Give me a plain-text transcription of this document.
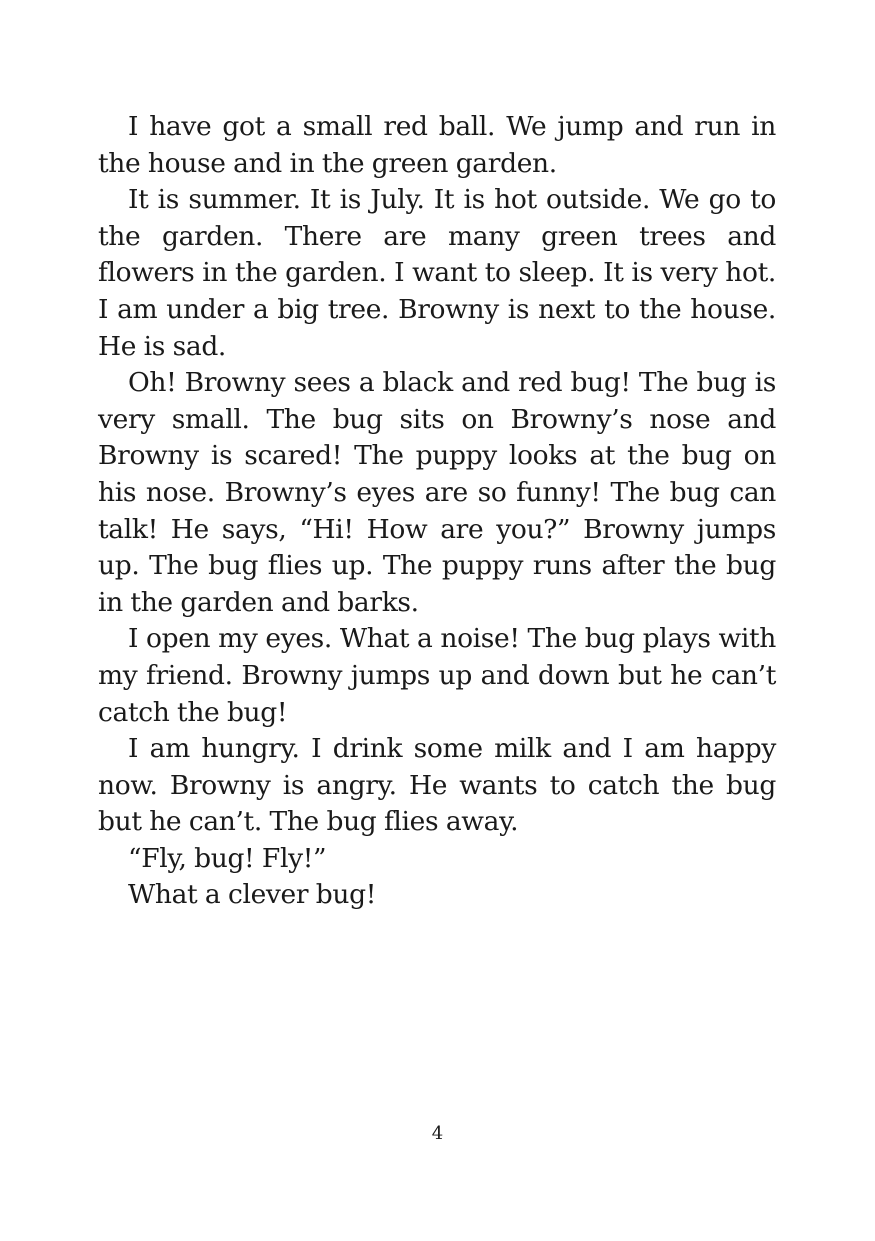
I have got a small red ball. We jump and run in the house and in the green garden.

It is summer. It is July. It is hot outside. We go to the garden. There are many green trees and flowers in the garden. I want to sleep. It is very hot. I am under a big tree. Browny is next to the house. He is sad.

Oh! Browny sees a black and red bug! The bug is very small. The bug sits on Browny’s nose and Browny is scared! The puppy looks at the bug on his nose. Browny’s eyes are so funny! The bug can talk! He says, “Hi! How are you?” Browny jumps up. The bug flies up. The puppy runs after the bug in the garden and barks.

I open my eyes. What a noise! The bug plays with my friend. Browny jumps up and down but he can’t catch the bug!

I am hungry. I drink some milk and I am happy now. Browny is angry. He wants to catch the bug but he can’t. The bug flies away.

“Fly, bug! Fly!”

What a clever bug!

4
